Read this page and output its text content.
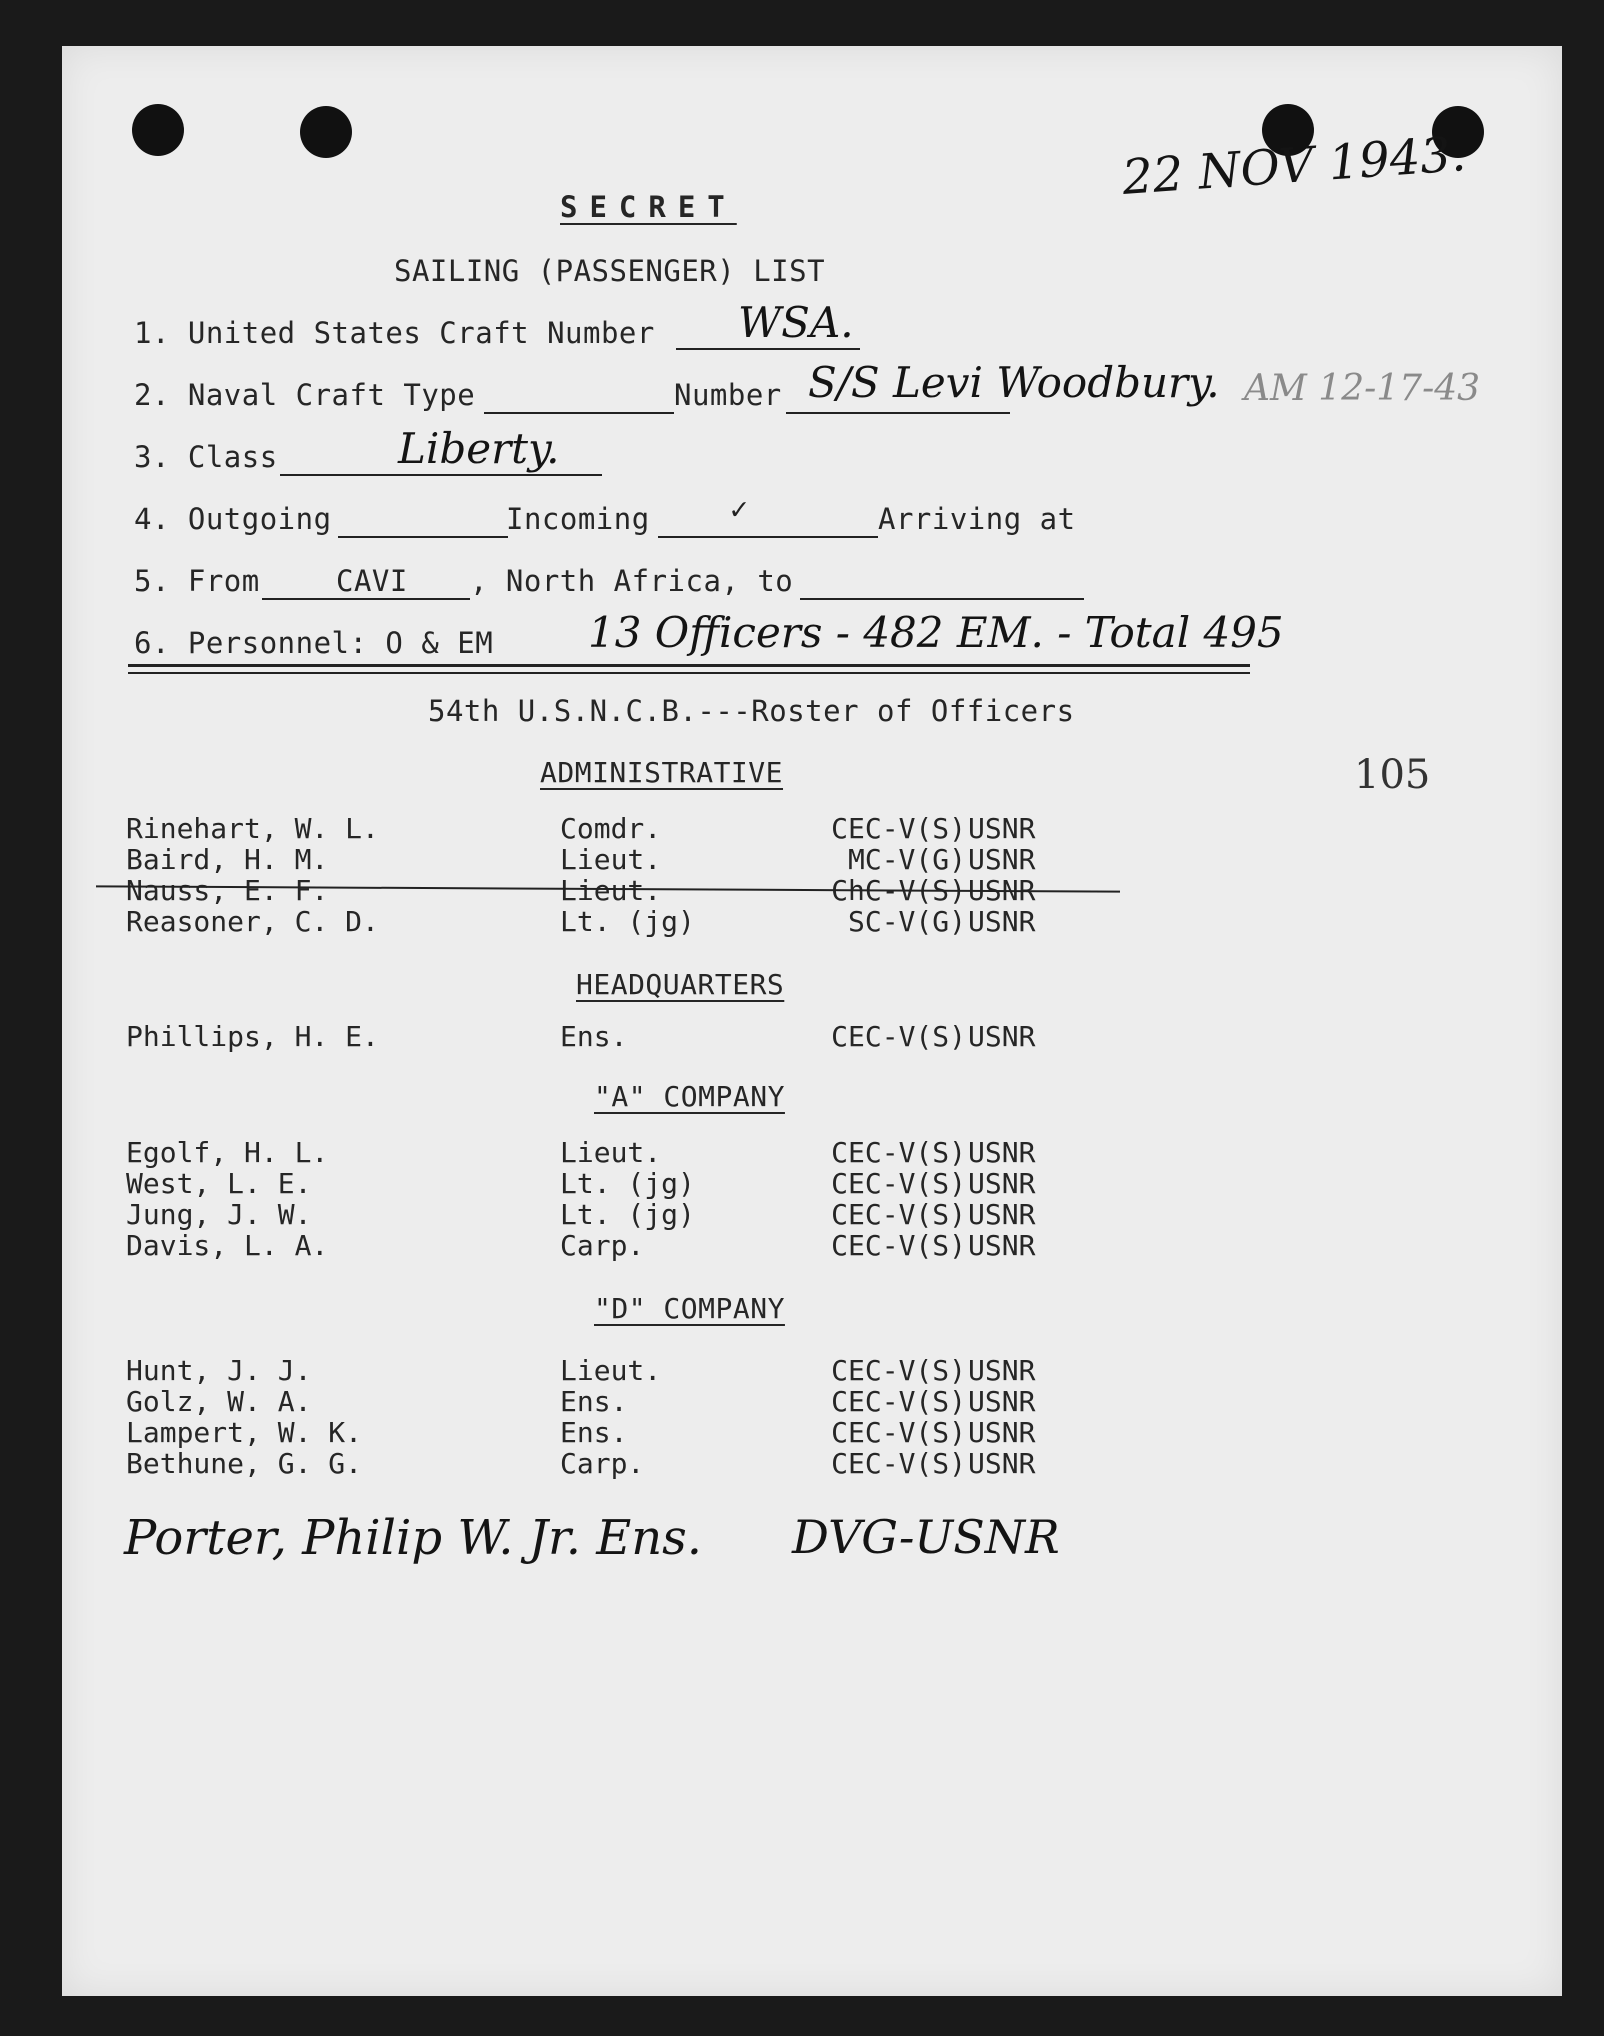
22 NOV 1943.
SECRET
SAILING (PASSENGER) LIST
1. United States Craft Number WSA.
2. Naval Craft Type	Number S/S Levi Woodbury. AM 12-17-43
3. Class	Liberty.
4. Outgoing	Incoming	✓	Arriving at
5. From	CAVI , North Africa, to
6. Personnel: O & EM 13 Officers - 482 EM. - Total 495
54th U.S.N.C.B.---Roster of Officers
105
ADMINISTRATIVE
Rinehart, W. L.	Comdr.	CEC-V(S) USNR
Baird, H. M.	Lieut.	MC-V(G) USNR
Nauss, E. F.	Lieut.	ChC-V(S) USNR
Reasoner, C. D.	Lt. (jg)	SC-V(G) USNR
HEADQUARTERS
Phillips, H. E.	Ens.	CEC-V(S) USNR
"A" COMPANY
Egolf, H. L.	Lieut.	CEC-V(S) USNR
West, L. E.	Lt. (jg)	CEC-V(S) USNR
Jung, J. W.	Lt. (jg)	CEC-V(S) USNR
Davis, L. A.	Carp.	CEC-V(S) USNR
"D" COMPANY
Hunt, J. J.	Lieut.	CEC-V(S) USNR
Golz, W. A.	Ens.	CEC-V(S) USNR
Lampert, W. K.	Ens.	CEC-V(S) USNR
Bethune, G. G.	Carp.	CEC-V(S) USNR
Porter, Philip W. Jr. Ens. DVG-USNR
